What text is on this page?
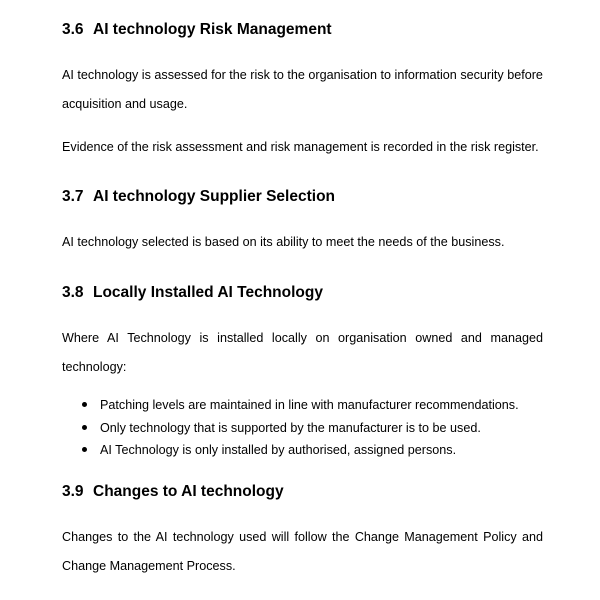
3.6 AI technology Risk Management

AI technology is assessed for the risk to the organisation to information security before acquisition and usage.

Evidence of the risk assessment and risk management is recorded in the risk register.

3.7 AI technology Supplier Selection

AI technology selected is based on its ability to meet the needs of the business.

3.8 Locally Installed AI Technology

Where AI Technology is installed locally on organisation owned and managed technology:

Patching levels are maintained in line with manufacturer recommendations.
Only technology that is supported by the manufacturer is to be used.
AI Technology is only installed by authorised, assigned persons.
3.9 Changes to AI technology

Changes to the AI technology used will follow the Change Management Policy and Change Management Process.
